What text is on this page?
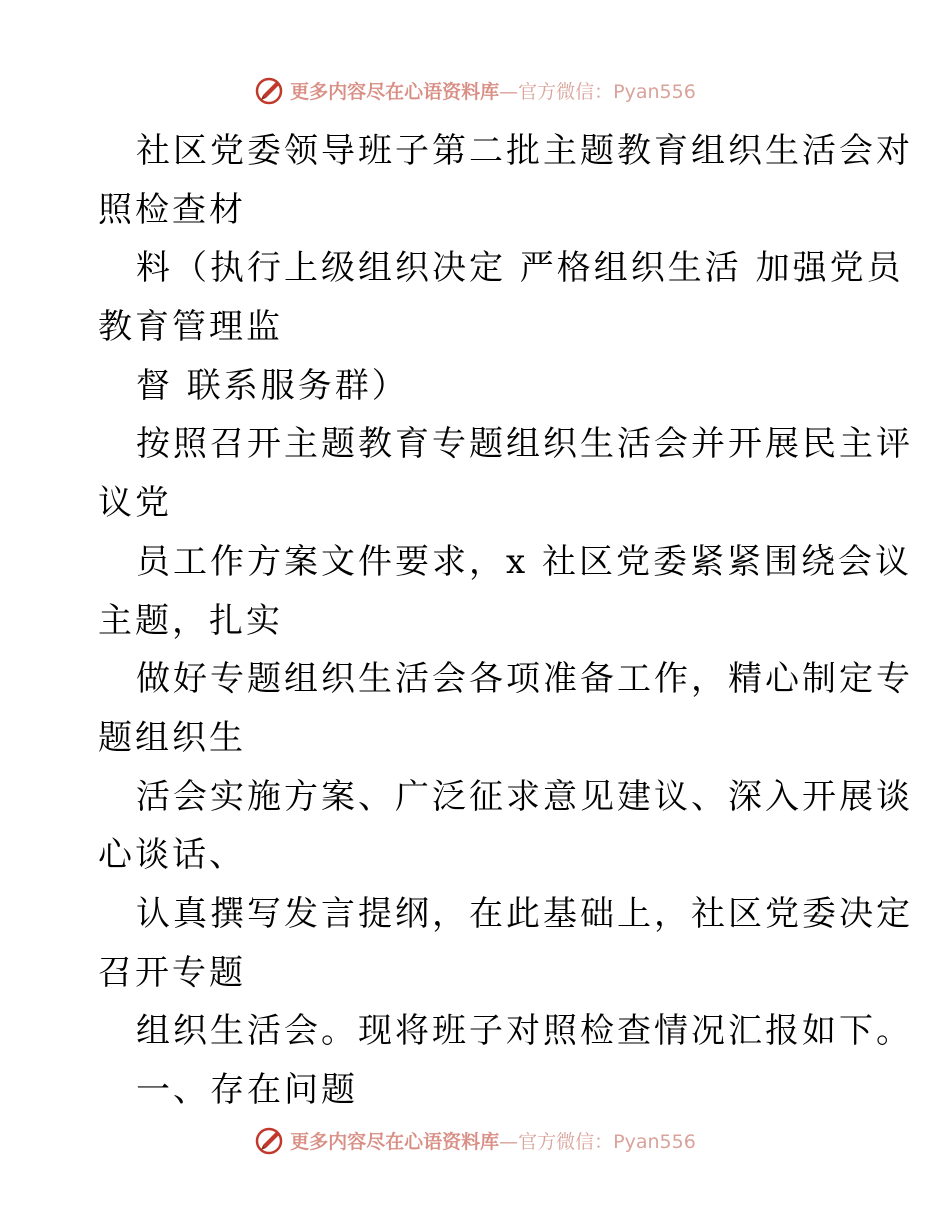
更多内容尽在心语资料库—官方微信：Pyan556
社区党委领导班子第二批主题教育组织生活会对
照检查材
料（执行上级组织决定 严格组织生活 加强党员
教育管理监
督 联系服务群）
按照召开主题教育专题组织生活会并开展民主评
议党
员工作方案文件要求，x 社区党委紧紧围绕会议
主题，扎实
做好专题组织生活会各项准备工作，精心制定专
题组织生
活会实施方案、广泛征求意见建议、深入开展谈
心谈话、
认真撰写发言提纲，在此基础上，社区党委决定
召开专题
组织生活会。现将班子对照检查情况汇报如下。
一、存在问题
更多内容尽在心语资料库—官方微信：Pyan556
